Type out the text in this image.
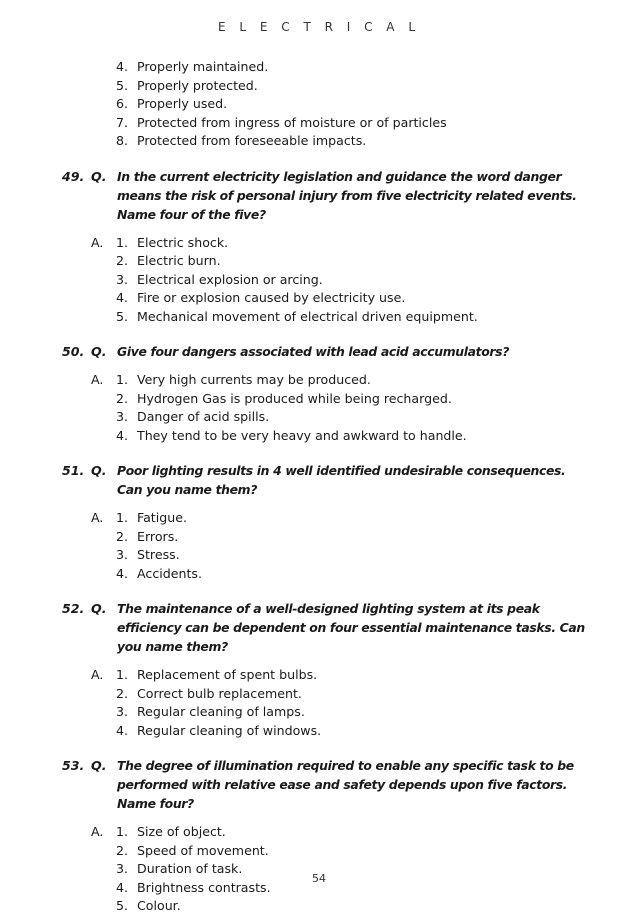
E L E C T R I C A L
4. Properly maintained.
5. Properly protected.
6. Properly used.
7. Protected from ingress of moisture or of particles
8. Protected from foreseeable impacts.
49. Q. In the current electricity legislation and guidance the word danger means the risk of personal injury from five electricity related events. Name four of the five?
A. 1. Electric shock.
2. Electric burn.
3. Electrical explosion or arcing.
4. Fire or explosion caused by electricity use.
5. Mechanical movement of electrical driven equipment.
50. Q. Give four dangers associated with lead acid accumulators?
A. 1. Very high currents may be produced.
2. Hydrogen Gas is produced while being recharged.
3. Danger of acid spills.
4. They tend to be very heavy and awkward to handle.
51. Q. Poor lighting results in 4 well identified undesirable consequences. Can you name them?
A. 1. Fatigue.
2. Errors.
3. Stress.
4. Accidents.
52. Q. The maintenance of a well-designed lighting system at its peak efficiency can be dependent on four essential maintenance tasks. Can you name them?
A. 1. Replacement of spent bulbs.
2. Correct bulb replacement.
3. Regular cleaning of lamps.
4. Regular cleaning of windows.
53. Q. The degree of illumination required to enable any specific task to be performed with relative ease and safety depends upon five factors. Name four?
A. 1. Size of object.
2. Speed of movement.
3. Duration of task.
4. Brightness contrasts.
5. Colour.
54
